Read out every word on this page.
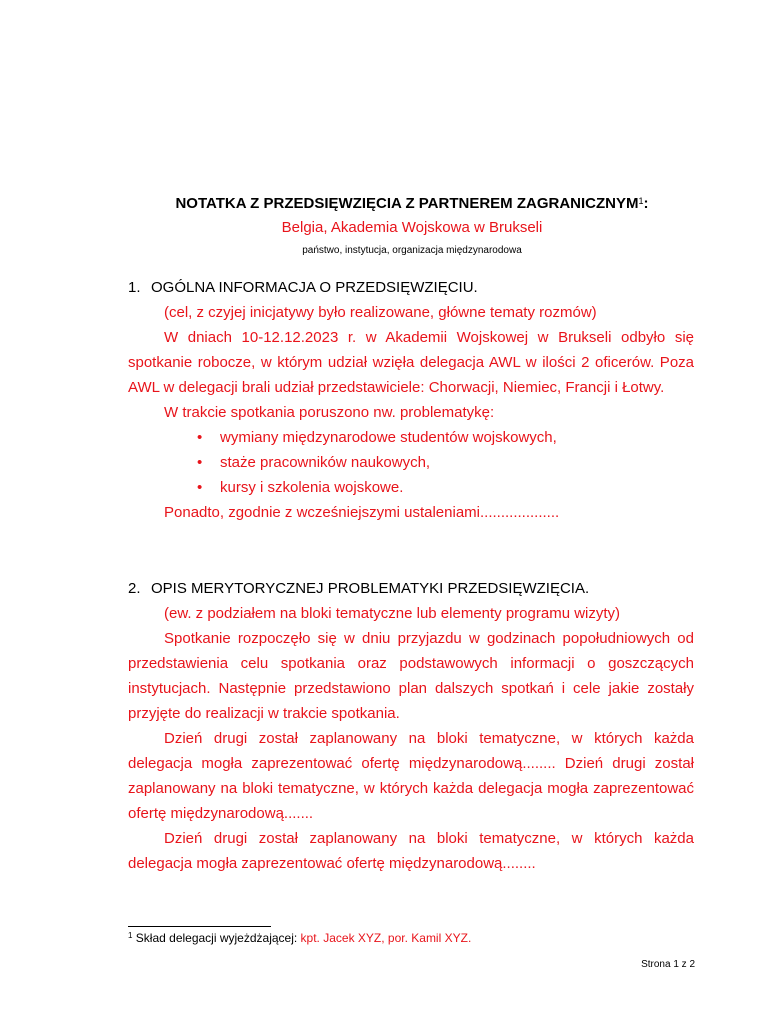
NOTATKA Z PRZEDSIĘWZIĘCIA Z PARTNEREM ZAGRANICZNYM$^1$:
Belgia, Akademia Wojskowa w Brukseli
państwo, instytucja, organizacja międzynarodowa
1. OGÓLNA INFORMACJA O PRZEDSIĘWZIĘCIU.
(cel, z czyjej inicjatywy było realizowane, główne tematy rozmów)
W dniach 10-12.12.2023 r. w Akademii Wojskowej w Brukseli odbyło się spotkanie robocze, w którym udział wzięła delegacja AWL w ilości 2 oficerów. Poza AWL w delegacji brali udział przedstawiciele: Chorwacji, Niemiec, Francji i Łotwy.
W trakcie spotkania poruszono nw. problematykę:
• wymiany międzynarodowe studentów wojskowych,
• staże pracowników naukowych,
• kursy i szkolenia wojskowe.
Ponadto, zgodnie z wcześniejszymi ustaleniami...................
2. OPIS MERYTORYCZNEJ PROBLEMATYKI PRZEDSIĘWZIĘCIA.
(ew. z podziałem na bloki tematyczne lub elementy programu wizyty)
Spotkanie rozpoczęło się w dniu przyjazdu w godzinach popołudniowych od przedstawienia celu spotkania oraz podstawowych informacji o goszczących instytucjach. Następnie przedstawiono plan dalszych spotkań i cele jakie zostały przyjęte do realizacji w trakcie spotkania.
Dzień drugi został zaplanowany na bloki tematyczne, w których każda delegacja mogła zaprezentować ofertę międzynarodową........ Dzień drugi został zaplanowany na bloki tematyczne, w których każda delegacja mogła zaprezentować ofertę międzynarodową.......
Dzień drugi został zaplanowany na bloki tematyczne, w których każda delegacja mogła zaprezentować ofertę międzynarodową........
$^1$ Skład delegacji wyjeżdżającej: kpt. Jacek XYZ, por. Kamil XYZ.
Strona 1 z 2
